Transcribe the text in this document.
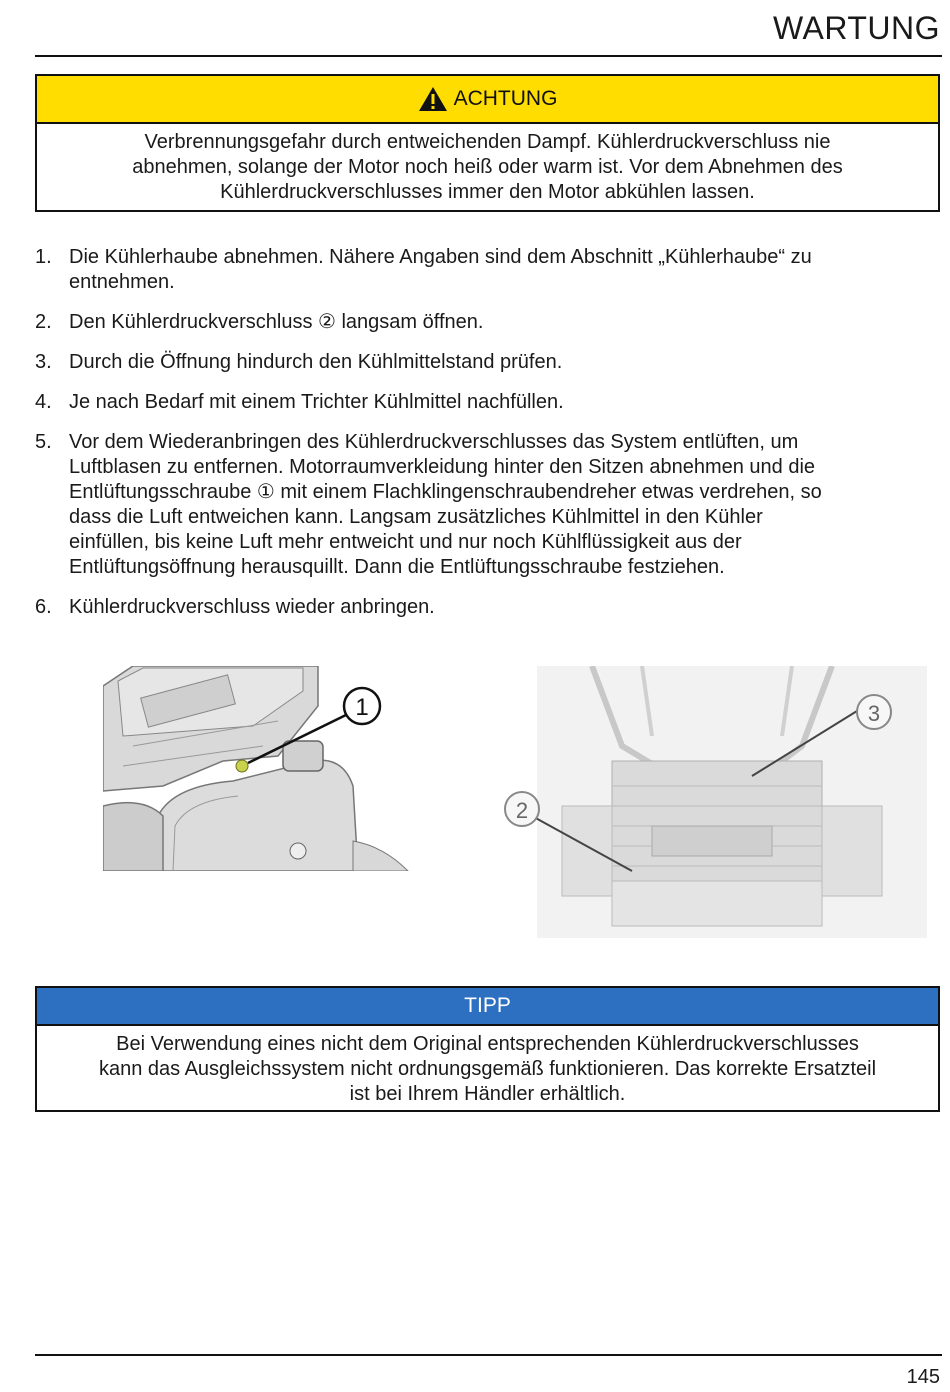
WARTUNG
ACHTUNG
Verbrennungsgefahr durch entweichenden Dampf. Kühlerdruckverschluss nie
abnehmen, solange der Motor noch heiß oder warm ist. Vor dem Abnehmen des
Kühlerdruckverschlusses immer den Motor abkühlen lassen.
1. Die Kühlerhaube abnehmen. Nähere Angaben sind dem Abschnitt „Kühlerhaube“ zu
entnehmen.
2. Den Kühlerdruckverschluss ② langsam öffnen.
3. Durch die Öffnung hindurch den Kühlmittelstand prüfen.
4. Je nach Bedarf mit einem Trichter Kühlmittel nachfüllen.
5. Vor dem Wiederanbringen des Kühlerdruckverschlusses das System entlüften, um
Luftblasen zu entfernen. Motorraumverkleidung hinter den Sitzen abnehmen und die
Entlüftungsschraube ① mit einem Flachklingenschraubendreher etwas verdrehen, so
dass die Luft entweichen kann. Langsam zusätzliches Kühlmittel in den Kühler
einfüllen, bis keine Luft mehr entweicht und nur noch Kühlflüssigkeit aus der
Entlüftungsöffnung herausquillt. Dann die Entlüftungsschraube festziehen.
6. Kühlerdruckverschluss wieder anbringen.
1	3
2
TIPP
Bei Verwendung eines nicht dem Original entsprechenden Kühlerdruckverschlusses
kann das Ausgleichssystem nicht ordnungsgemäß funktionieren. Das korrekte Ersatzteil
ist bei Ihrem Händler erhältlich.
145
